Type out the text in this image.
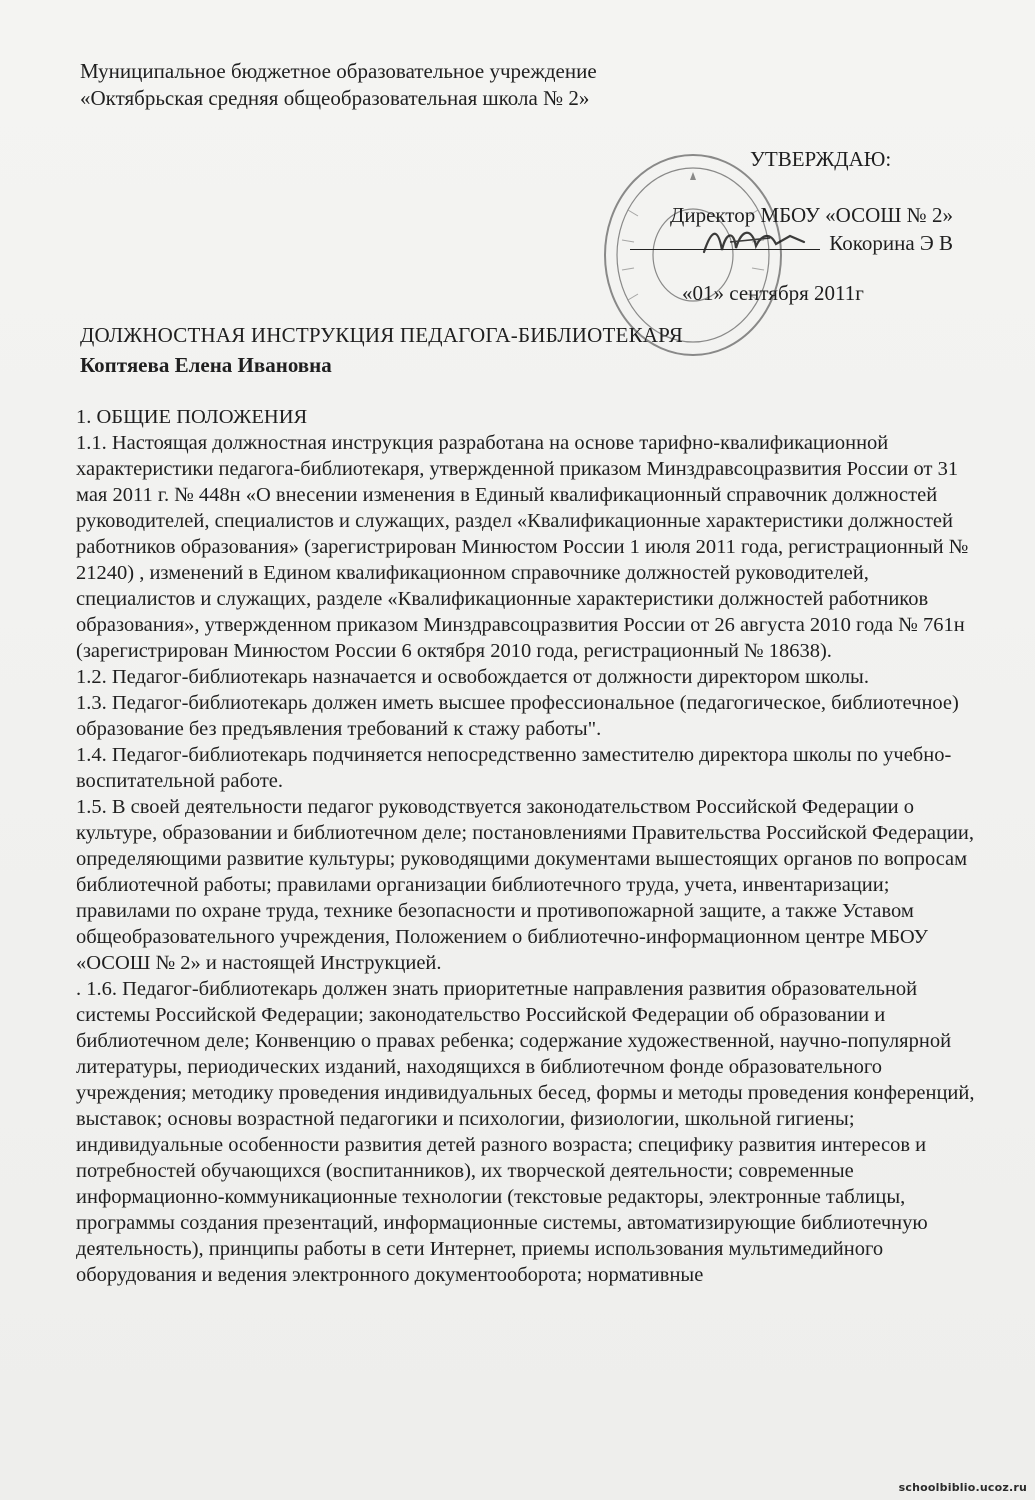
Муниципальное бюджетное образовательное учреждение
«Октябрьская средняя общеобразовательная школа № 2»
УТВЕРЖДАЮ:
Директор МБОУ «ОСОШ № 2»
Кокорина Э В
«01» сентября 2011г
ДОЛЖНОСТНАЯ ИНСТРУКЦИЯ ПЕДАГОГА-БИБЛИОТЕКАРЯ
Коптяева Елена Ивановна

1. ОБЩИЕ ПОЛОЖЕНИЯ

1.1. Настоящая должностная инструкция разработана на основе тарифно-квалификационной характеристики педагога-библиотекаря, утвержденной приказом Минздравсоцразвития России от 31 мая 2011 г. № 448н «О внесении изменения в Единый квалификационный справочник должностей руководителей, специалистов и служащих, раздел «Квалификационные характеристики должностей работников образования» (зарегистрирован Минюстом России 1 июля 2011 года, регистрационный № 21240) , изменений в Едином квалификационном справочнике должностей руководителей, специалистов и служащих, разделе «Квалификационные характеристики должностей работников образования», утвержденном приказом Минздравсоцразвития России от 26 августа 2010 года № 761н (зарегистрирован Минюстом России 6 октября 2010 года, регистрационный № 18638).

1.2. Педагог-библиотекарь назначается и освобождается от должности директором школы.

1.3. Педагог-библиотекарь должен иметь высшее профессиональное (педагогическое, библиотечное) образование без предъявления требований к стажу работы".

1.4. Педагог-библиотекарь подчиняется непосредственно заместителю директора школы по учебно-воспитательной работе.

1.5. В своей деятельности педагог руководствуется законодательством Российской Федерации о культуре, образовании и библиотечном деле; постановлениями Правительства Российской Федерации, определяющими развитие культуры; руководящими документами вышестоящих органов по вопросам библиотечной работы; правилами организации библиотечного труда, учета, инвентаризации; правилами по охране труда, технике безопасности и противопожарной защите, а также Уставом общеобразовательного учреждения, Положением о библиотечно-информационном центре МБОУ «ОСОШ № 2» и настоящей Инструкцией.

. 1.6. Педагог-библиотекарь должен знать приоритетные направления развития образовательной системы Российской Федерации; законодательство Российской Федерации об образовании и библиотечном деле; Конвенцию о правах ребенка; содержание художественной, научно-популярной литературы, периодических изданий, находящихся в библиотечном фонде образовательного учреждения; методику проведения индивидуальных бесед, формы и методы проведения конференций, выставок; основы возрастной педагогики и психологии, физиологии, школьной гигиены; индивидуальные особенности развития детей разного возраста; специфику развития интересов и потребностей обучающихся (воспитанников), их творческой деятельности; современные информационно-коммуникационные технологии (текстовые редакторы, электронные таблицы,

программы создания презентаций, информационные системы, автоматизирующие библиотечную деятельность), принципы работы в сети Интернет, приемы использования мультимедийного оборудования и ведения электронного документооборота; нормативные

schoolbiblio.ucoz.ru
